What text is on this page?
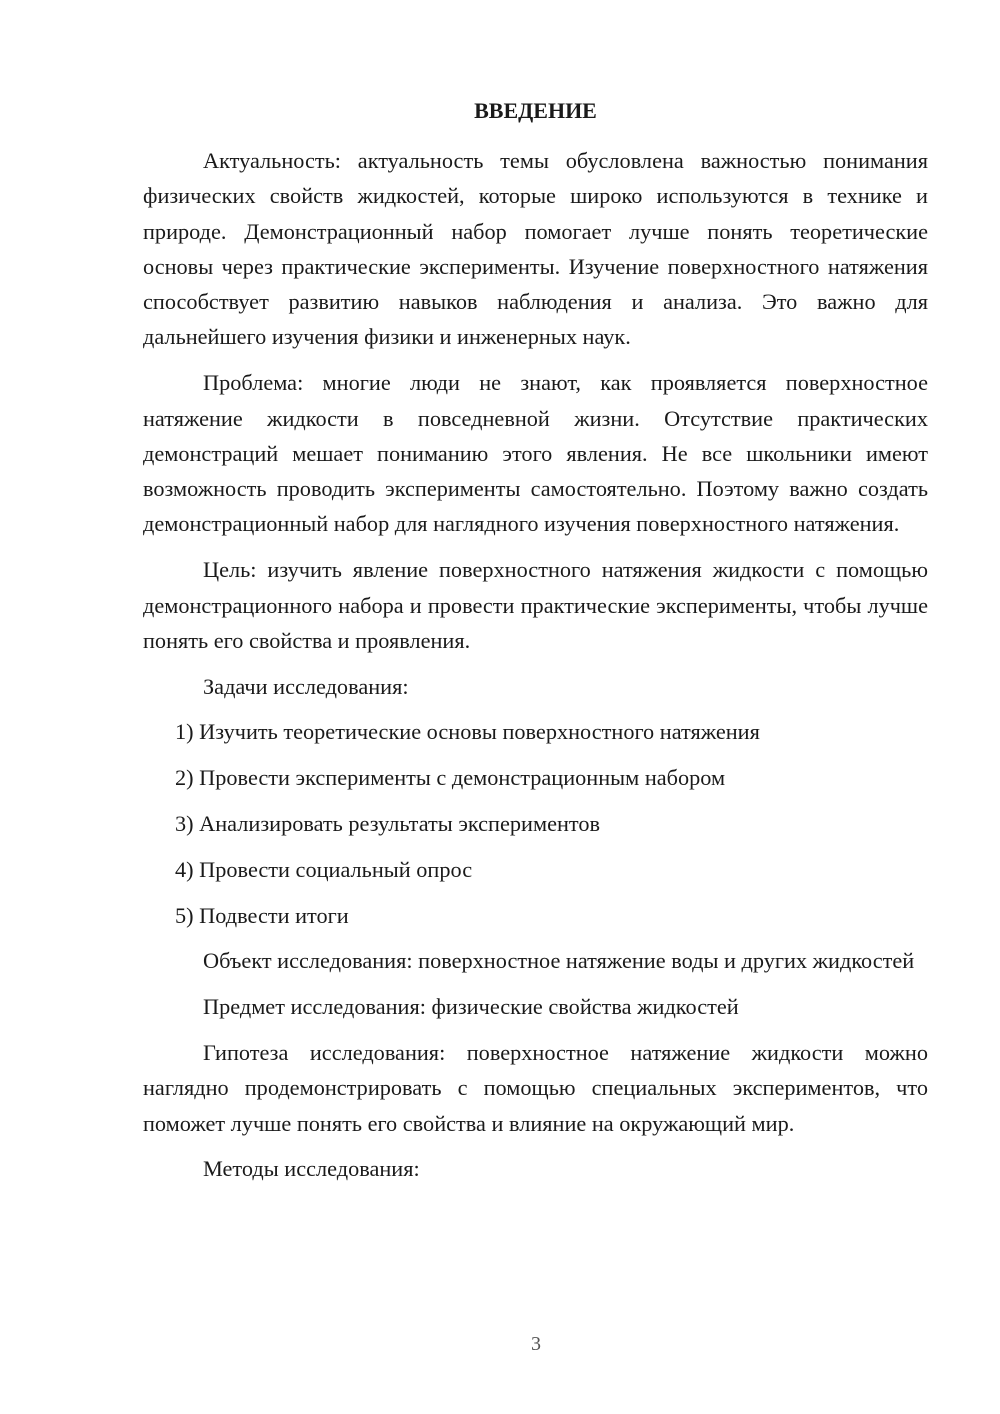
ВВЕДЕНИЕ

Актуальность: актуальность темы обусловлена важностью понимания физических свойств жидкостей, которые широко используются в технике и природе. Демонстрационный набор помогает лучше понять теоретические основы через практические эксперименты. Изучение поверхностного натяжения способствует развитию навыков наблюдения и анализа. Это важно для дальнейшего изучения физики и инженерных наук.

Проблема: многие люди не знают, как проявляется поверхностное натяжение жидкости в повседневной жизни. Отсутствие практических демонстраций мешает пониманию этого явления. Не все школьники имеют возможность проводить эксперименты самостоятельно. Поэтому важно создать демонстрационный набор для наглядного изучения поверхностного натяжения.

Цель: изучить явление поверхностного натяжения жидкости с помощью демонстрационного набора и провести практические эксперименты, чтобы лучше понять его свойства и проявления.

Задачи исследования:

1) Изучить теоретические основы поверхностного натяжения
2) Провести эксперименты с демонстрационным набором
3) Анализировать результаты экспериментов
4) Провести социальный опрос
5) Подвести итоги

Объект исследования: поверхностное натяжение воды и других жидкостей

Предмет исследования: физические свойства жидкостей

Гипотеза исследования: поверхностное натяжение жидкости можно наглядно продемонстрировать с помощью специальных экспериментов, что поможет лучше понять его свойства и влияние на окружающий мир.

Методы исследования:

3
